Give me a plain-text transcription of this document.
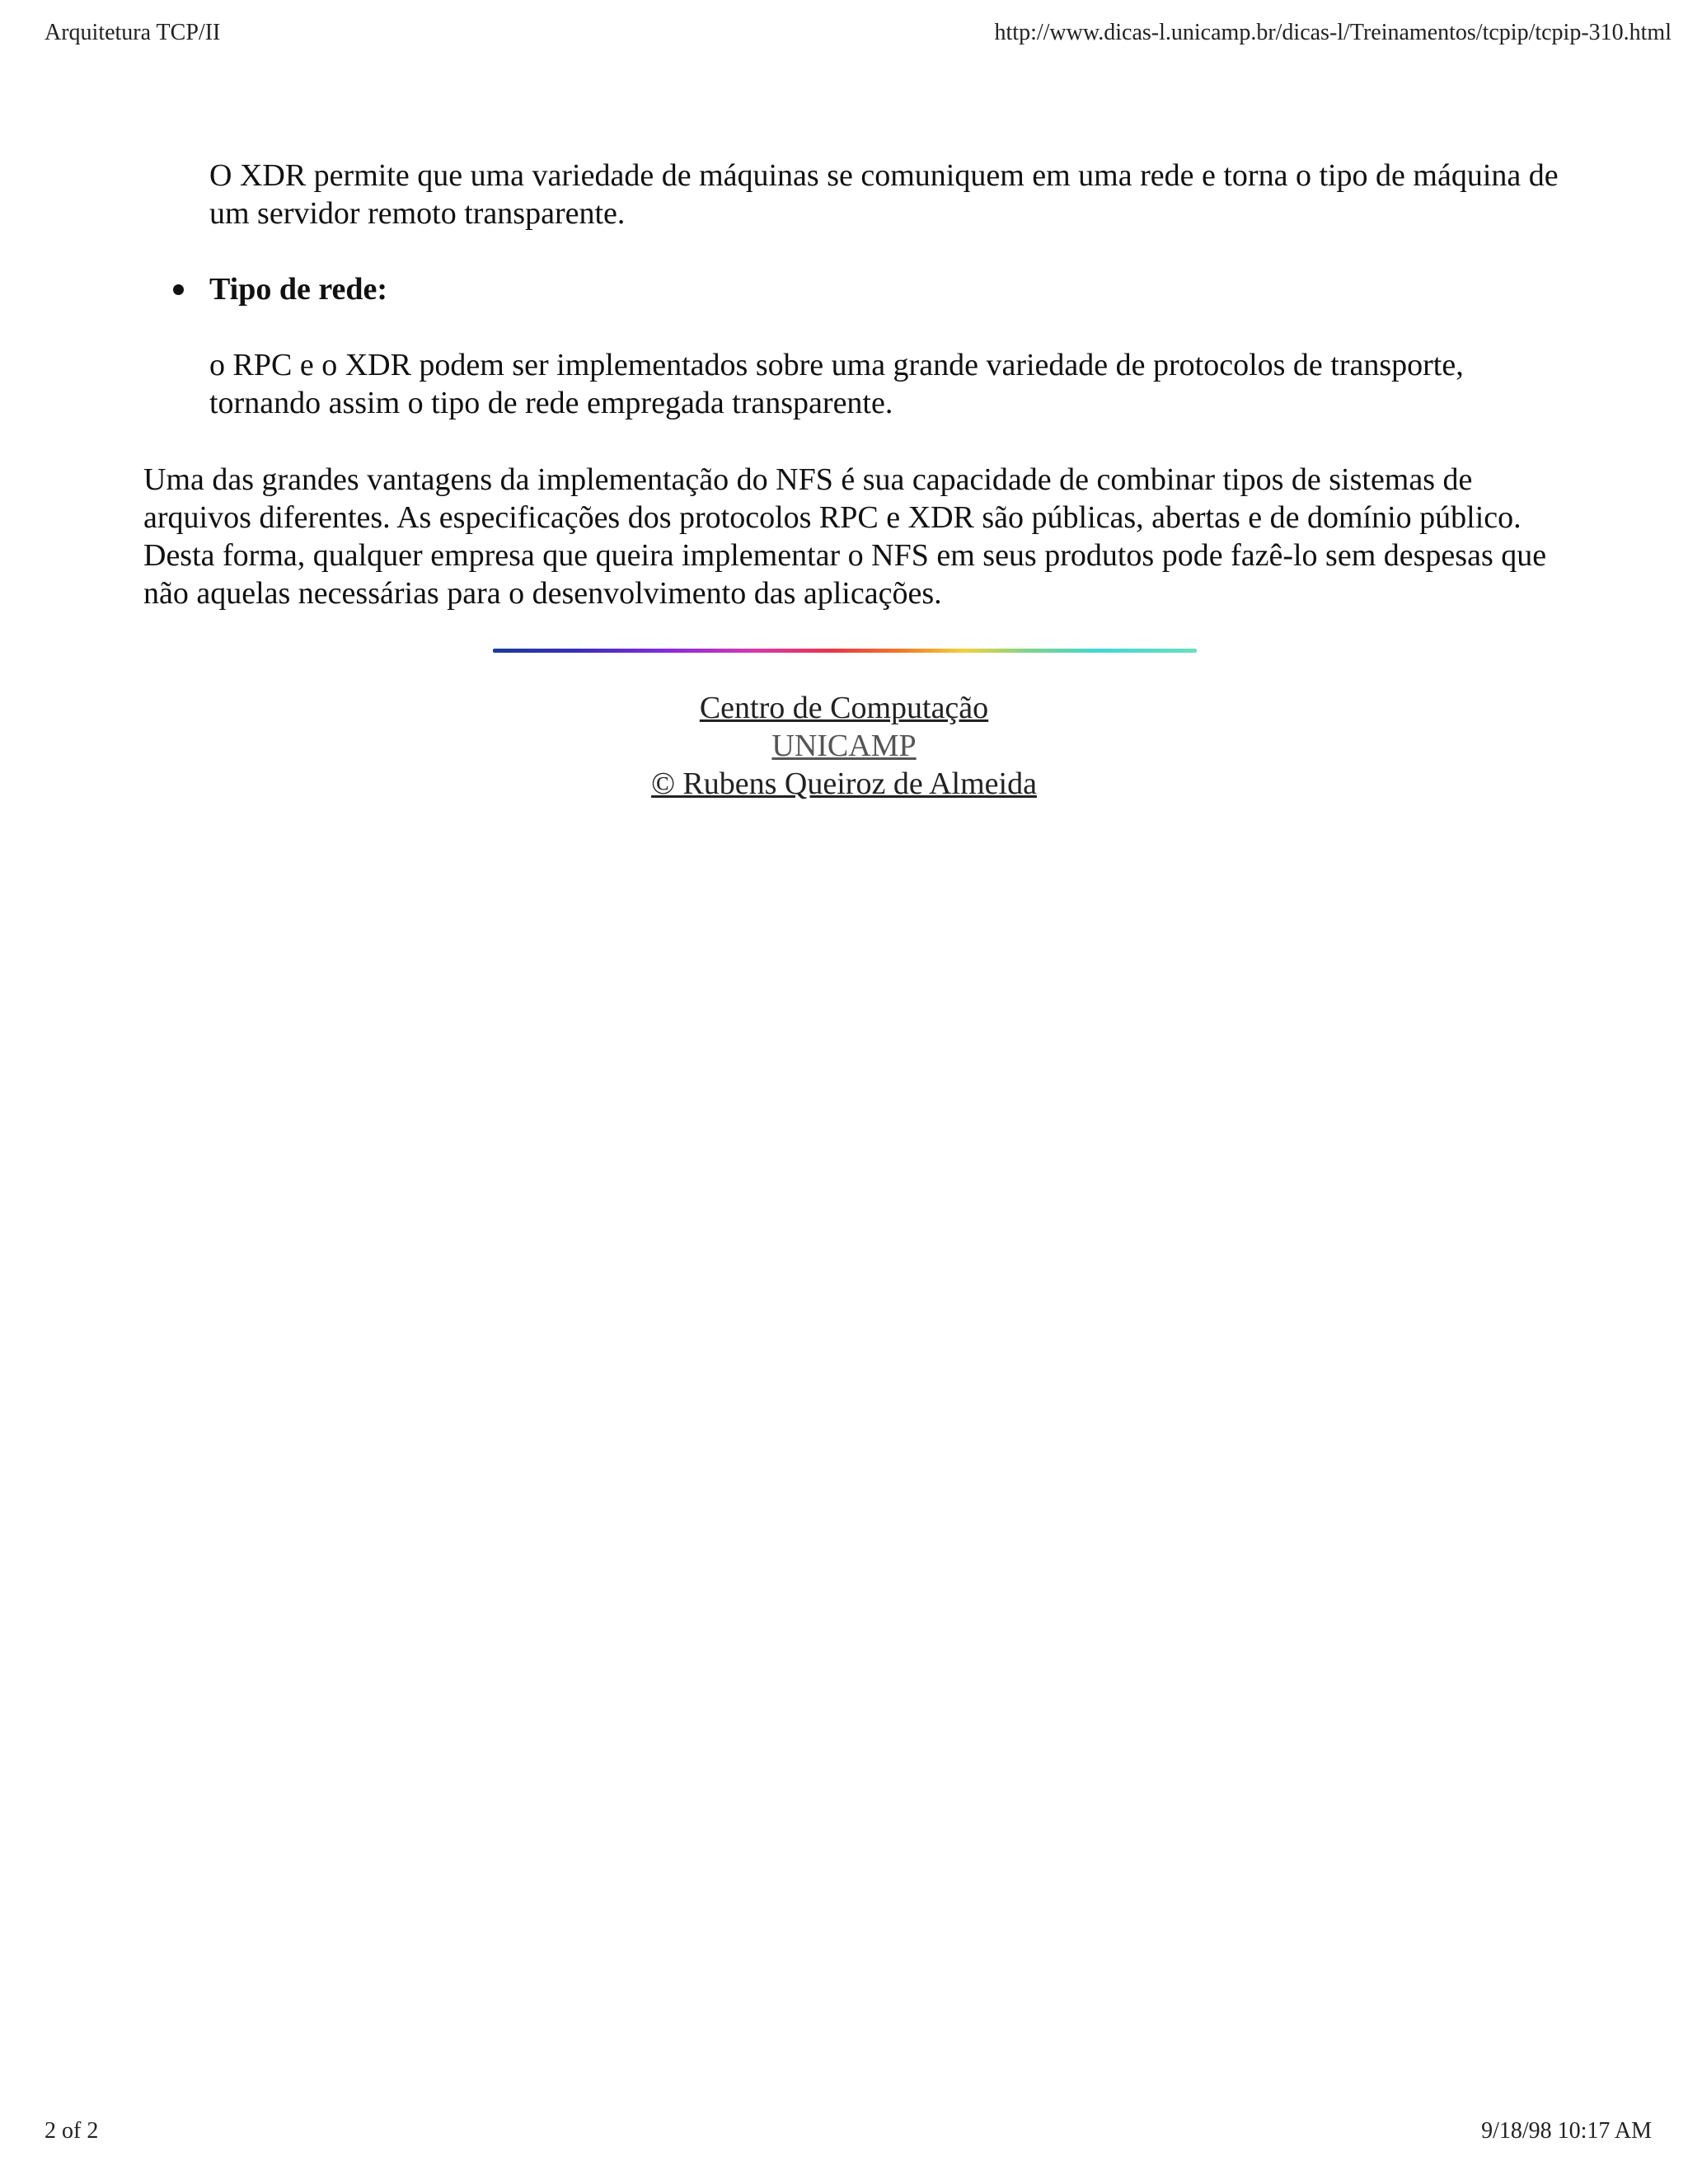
Arquitetura TCP/II	http://www.dicas-l.unicamp.br/dicas-l/Treinamentos/tcpip/tcpip-310.html
O XDR permite que uma variedade de máquinas se comuniquem em uma rede e torna o tipo de máquina de um servidor remoto transparente.
Tipo de rede:
o RPC e o XDR podem ser implementados sobre uma grande variedade de protocolos de transporte, tornando assim o tipo de rede empregada transparente.
Uma das grandes vantagens da implementação do NFS é sua capacidade de combinar tipos de sistemas de arquivos diferentes. As especificações dos protocolos RPC e XDR são públicas, abertas e de domínio público. Desta forma, qualquer empresa que queira implementar o NFS em seus produtos pode fazê-lo sem despesas que não aquelas necessárias para o desenvolvimento das aplicações.
Centro de Computação
UNICAMP
© Rubens Queiroz de Almeida
2 of 2	9/18/98 10:17 AM
